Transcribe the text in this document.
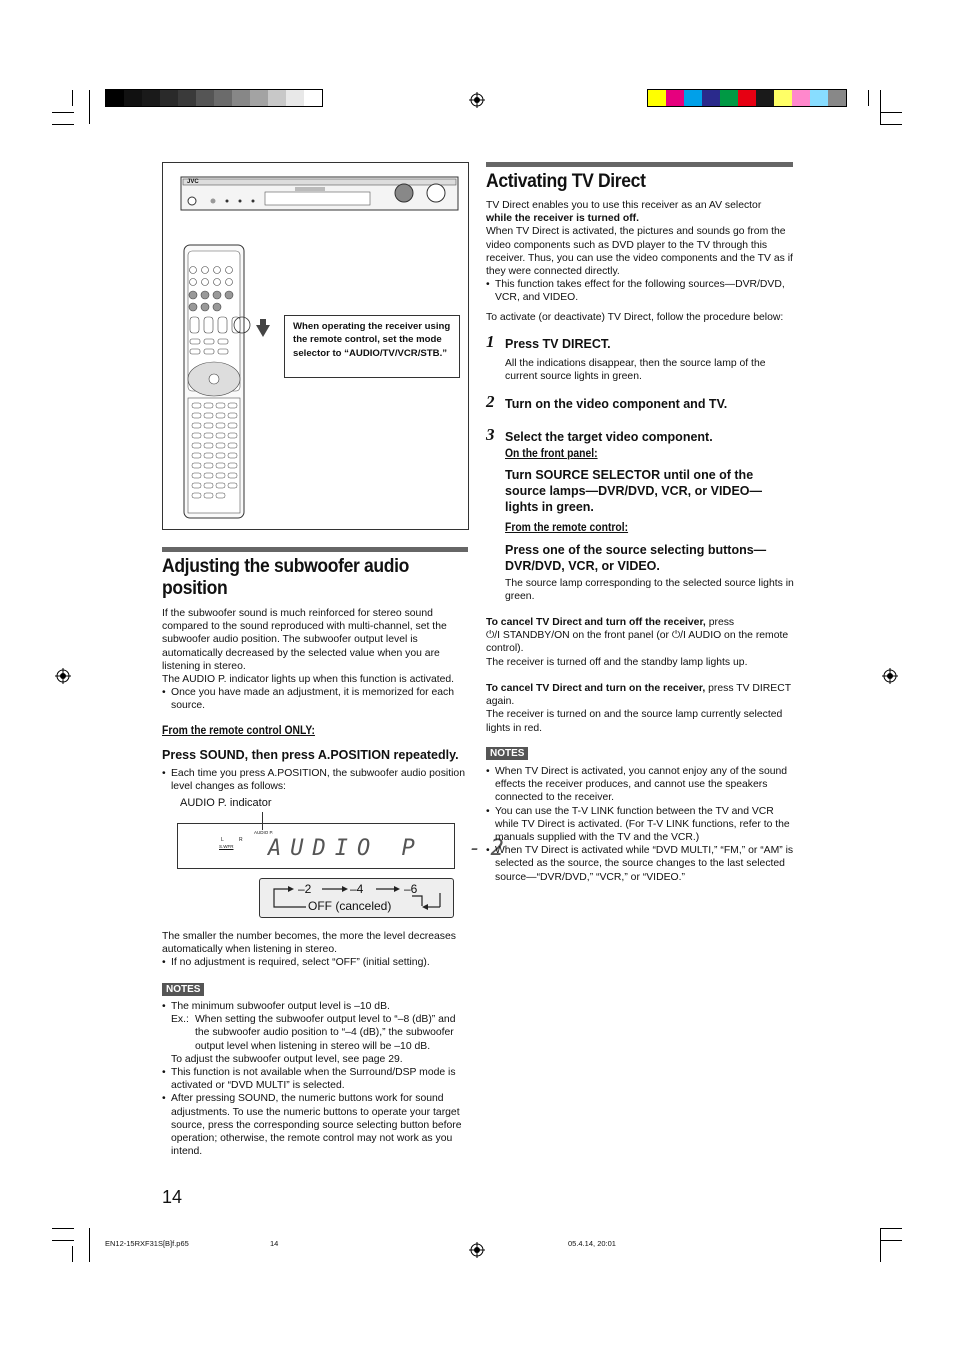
JVC
When operating the receiver using the remote control, set the mode selector to “AUDIO/TV/VCR/STB.”
Adjusting the subwoofer audio position
If the subwoofer sound is much reinforced for stereo sound compared to the sound reproduced with multi-channel, set the subwoofer audio position. The subwoofer output level is automatically decreased by the selected value when you are listening in stereo.
The AUDIO P. indicator lights up when this function is activated.
• Once you have made an adjustment, it is memorized for each source.
From the remote control ONLY:
Press SOUND, then press A.POSITION repeatedly.
• Each time you press A.POSITION, the subwoofer audio position level changes as follows:
AUDIO P. indicator
AUDIO P.
L	R
S.WFR AUDIO P  -2
–2	–4	–6
OFF (canceled)
The smaller the number becomes, the more the level decreases automatically when listening in stereo.
• If no adjustment is required, select “OFF” (initial setting).
NOTES
• The minimum subwoofer output level is –10 dB.
Ex.: When setting the subwoofer output level to “–8 (dB)” and the subwoofer audio position to “–4 (dB),” the subwoofer output level when listening in stereo will be –10 dB.
To adjust the subwoofer output level, see page 29.
• This function is not available when the Surround/DSP mode is activated or “DVD MULTI” is selected.
• After pressing SOUND, the numeric buttons work for sound adjustments. To use the numeric buttons to operate your target source, press the corresponding source selecting button before operation; otherwise, the remote control may not work as you intend.
14
Activating TV Direct
TV Direct enables you to use this receiver as an AV selector
while the receiver is turned off.
When TV Direct is activated, the pictures and sounds go from the video components such as DVD player to the TV through this receiver. Thus, you can use the video components and the TV as if they were connected directly.
• This function takes effect for the following sources—DVR/DVD, VCR, and VIDEO.
To activate (or deactivate) TV Direct, follow the procedure below:
1 Press TV DIRECT.
All the indications disappear, then the source lamp of the current source lights in green.
2 Turn on the video component and TV.
3 Select the target video component.
On the front panel:
Turn SOURCE SELECTOR until one of the source lamps—DVR/DVD, VCR, or VIDEO—lights in green.
From the remote control:
Press one of the source selecting buttons—DVR/DVD, VCR, or VIDEO.
The source lamp corresponding to the selected source lights in green.
To cancel TV Direct and turn off the receiver, press
⏻/I STANDBY/ON on the front panel (or ⏻/I AUDIO on the remote control).
The receiver is turned off and the standby lamp lights up.
To cancel TV Direct and turn on the receiver, press TV DIRECT again.
The receiver is turned on and the source lamp currently selected lights in red.
NOTES
• When TV Direct is activated, you cannot enjoy any of the sound effects the receiver produces, and cannot use the speakers connected to the receiver.
• You can use the T-V LINK function between the TV and VCR while TV Direct is activated. (For T-V LINK functions, refer to the manuals supplied with the TV and the VCR.)
• When TV Direct is activated while “DVD MULTI,” “FM,” or “AM” is selected as the source, the source changes to the last selected source—“DVR/DVD,” “VCR,” or “VIDEO.”
EN12-15RXF31S[B]f.p65	14	05.4.14, 20:01
